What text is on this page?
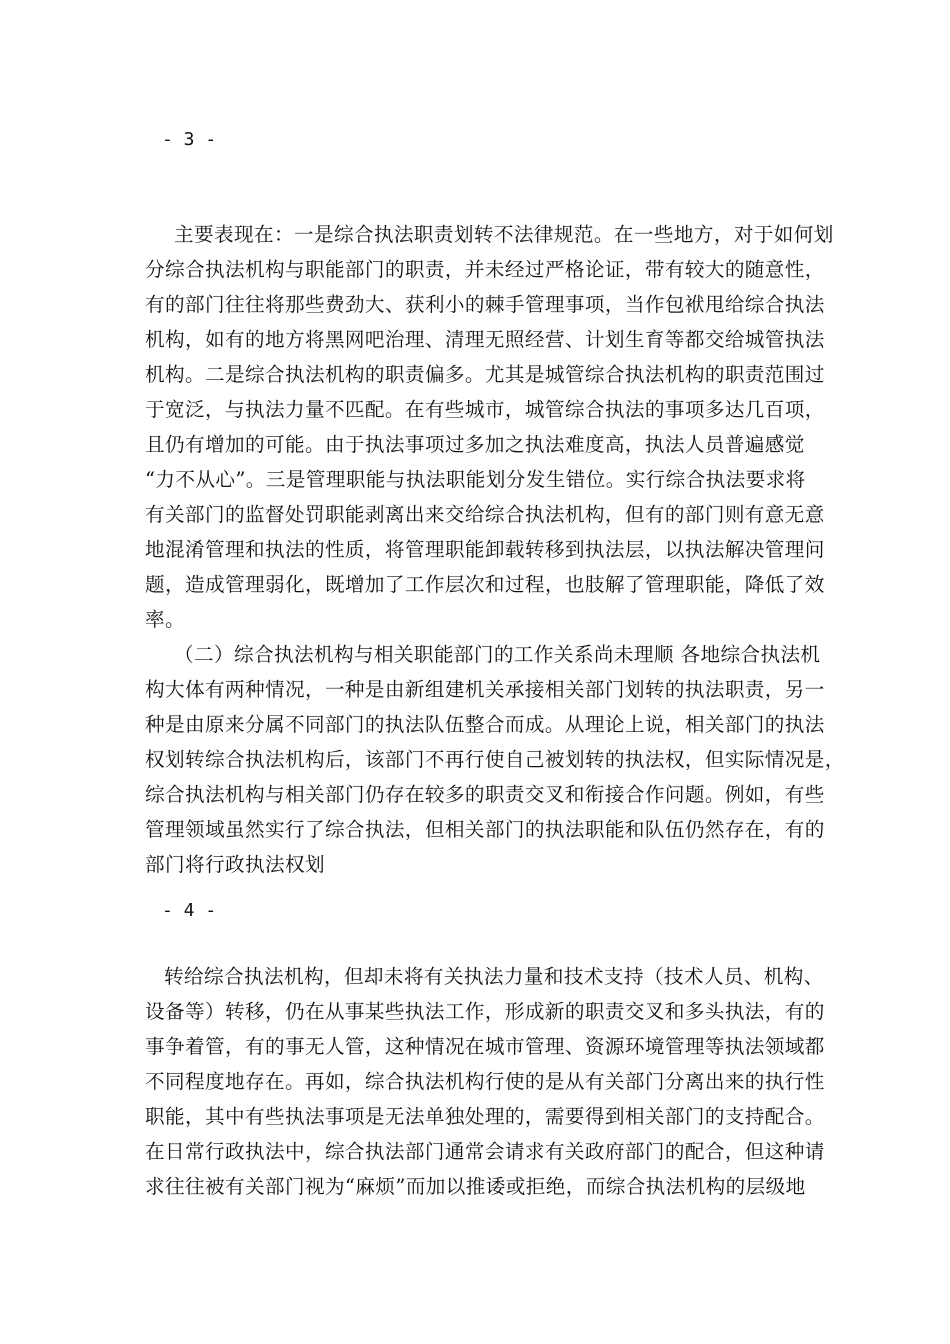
- 3 -
主要表现在：一是综合执法职责划转不法律规范。在一些地方，对于如何划
分综合执法机构与职能部门的职责，并未经过严格论证，带有较大的随意性，
有的部门往往将那些费劲大、获利小的棘手管理事项，当作包袱甩给综合执法
机构，如有的地方将黑网吧治理、清理无照经营、计划生育等都交给城管执法
机构。二是综合执法机构的职责偏多。尤其是城管综合执法机构的职责范围过
于宽泛，与执法力量不匹配。在有些城市，城管综合执法的事项多达几百项，
且仍有增加的可能。由于执法事项过多加之执法难度高，执法人员普遍感觉
“力不从心”。三是管理职能与执法职能划分发生错位。实行综合执法要求将
有关部门的监督处罚职能剥离出来交给综合执法机构，但有的部门则有意无意
地混淆管理和执法的性质，将管理职能卸载转移到执法层，以执法解决管理问
题，造成管理弱化，既增加了工作层次和过程，也肢解了管理职能，降低了效
率。
（二）综合执法机构与相关职能部门的工作关系尚未理顺 各地综合执法机
构大体有两种情况，一种是由新组建机关承接相关部门划转的执法职责，另一
种是由原来分属不同部门的执法队伍整合而成。从理论上说，相关部门的执法
权划转综合执法机构后，该部门不再行使自己被划转的执法权，但实际情况是，
综合执法机构与相关部门仍存在较多的职责交叉和衔接合作问题。例如，有些
管理领域虽然实行了综合执法，但相关部门的执法职能和队伍仍然存在，有的
部门将行政执法权划
- 4 -
转给综合执法机构，但却未将有关执法力量和技术支持（技术人员、机构、
设备等）转移，仍在从事某些执法工作，形成新的职责交叉和多头执法，有的
事争着管，有的事无人管，这种情况在城市管理、资源环境管理等执法领域都
不同程度地存在。再如，综合执法机构行使的是从有关部门分离出来的执行性
职能，其中有些执法事项是无法单独处理的，需要得到相关部门的支持配合。
在日常行政执法中，综合执法部门通常会请求有关政府部门的配合，但这种请
求往往被有关部门视为“麻烦”而加以推诿或拒绝，而综合执法机构的层级地
